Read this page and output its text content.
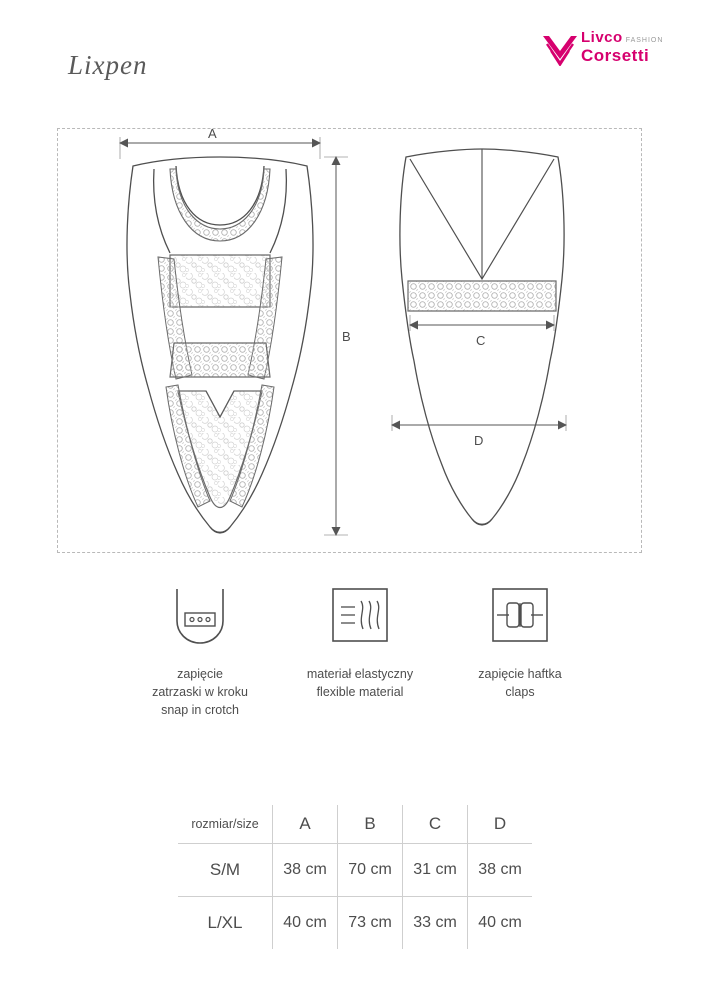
Lixpen
Livco FASHION
Corsetti
A
B	C
D
zapięcie
zatrzaski w kroku
snap in crotch
materiał elastyczny
flexible material
zapięcie haftka
claps
rozmiar/size	A	B	C	D
S/M	38 cm	70 cm	31 cm	38 cm
L/XL	40 cm	73 cm	33 cm	40 cm
